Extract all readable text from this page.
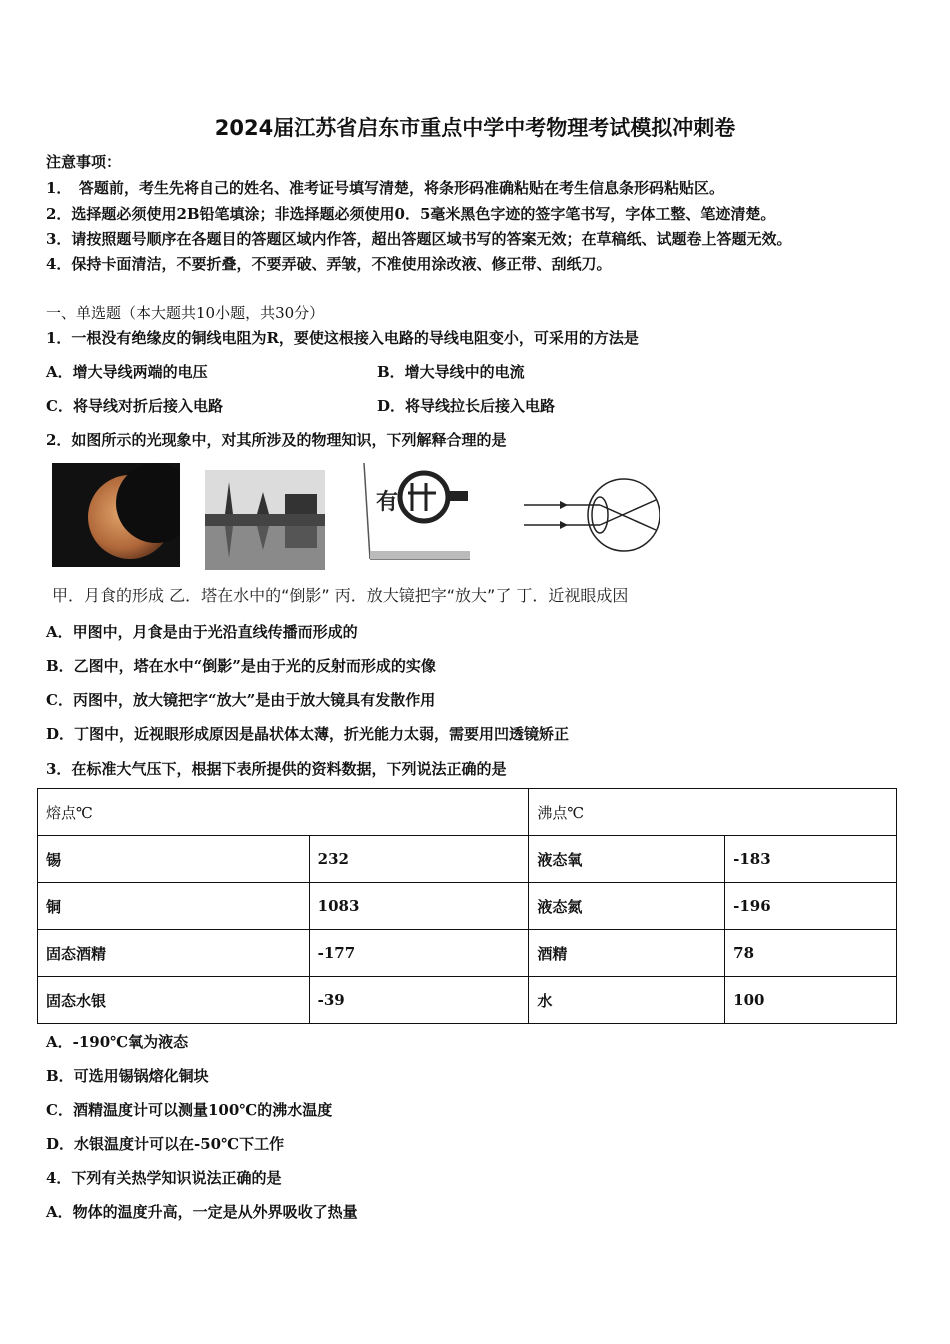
2024届江苏省启东市重点中学中考物理考试模拟冲刺卷
注意事项：
1．　答题前，考生先将自己的姓名、准考证号填写清楚，将条形码准确粘贴在考生信息条形码粘贴区。
2．选择题必须使用2B铅笔填涂；非选择题必须使用0．5毫米黑色字迹的签字笔书写，字体工整、笔迹清楚。
3．请按照题号顺序在各题目的答题区域内作答，超出答题区域书写的答案无效；在草稿纸、试题卷上答题无效。
4．保持卡面清洁，不要折叠，不要弄破、弄皱，不准使用涂改液、修正带、刮纸刀。
一、单选题（本大题共10小题，共30分）
1．一根没有绝缘皮的铜线电阻为R，要使这根接入电路的导线电阻变小，可采用的方法是
A．增大导线两端的电压	B．增大导线中的电流
C．将导线对折后接入电路	D．将导线拉长后接入电路
2．如图所示的光现象中，对其所涉及的物理知识，下列解释合理的是
有
甲．月食的形成 乙．塔在水中的“倒影” 丙．放大镜把字“放大”了 丁．近视眼成因
A．甲图中，月食是由于光沿直线传播而形成的
B．乙图中，塔在水中“倒影”是由于光的反射而形成的实像
C．丙图中，放大镜把字“放大”是由于放大镜具有发散作用
D．丁图中，近视眼形成原因是晶状体太薄，折光能力太弱，需要用凹透镜矫正
3．在标准大气压下，根据下表所提供的资料数据，下列说法正确的是
熔点℃		沸点℃	
锡	232	液态氧	-183
铜	1083	液态氮	-196
固态酒精	-177	酒精	78
固态水银	-39	水	100
A．-190℃氧为液态
B．可选用锡锅熔化铜块
C．酒精温度计可以测量100℃的沸水温度
D．水银温度计可以在-50℃下工作
4．下列有关热学知识说法正确的是
A．物体的温度升高，一定是从外界吸收了热量
